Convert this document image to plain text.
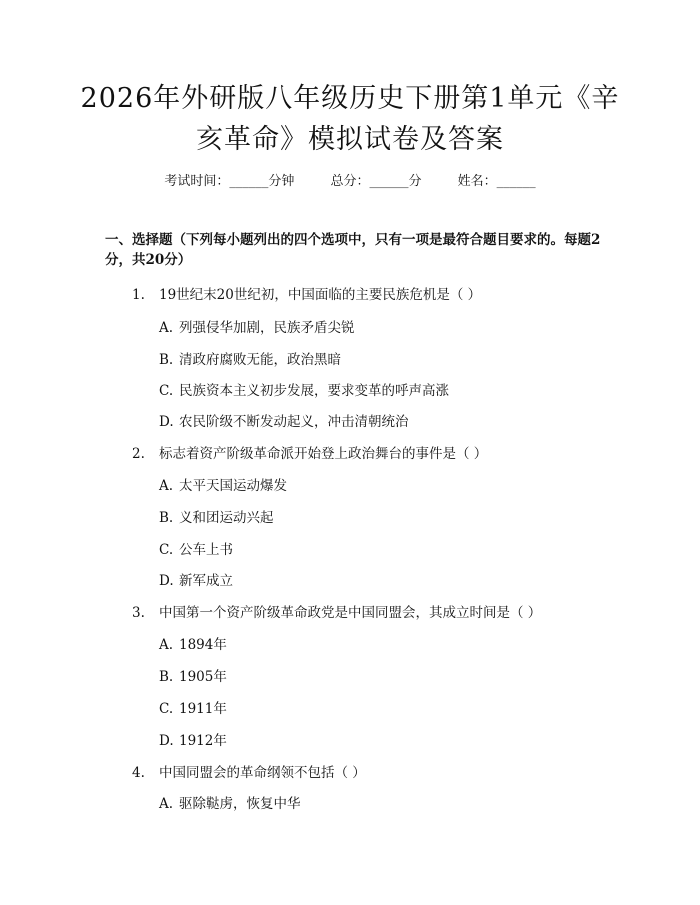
2026年外研版八年级历史下册第1单元《辛亥革命》模拟试卷及答案
考试时间：______分钟	总分：______分	姓名：______
一、选择题（下列每小题列出的四个选项中，只有一项是最符合题目要求的。每题2分，共20分）
1. 19世纪末20世纪初，中国面临的主要民族危机是（ ）
A. 列强侵华加剧，民族矛盾尖锐
B. 清政府腐败无能，政治黑暗
C. 民族资本主义初步发展，要求变革的呼声高涨
D. 农民阶级不断发动起义，冲击清朝统治
2. 标志着资产阶级革命派开始登上政治舞台的事件是（ ）
A. 太平天国运动爆发
B. 义和团运动兴起
C. 公车上书
D. 新军成立
3. 中国第一个资产阶级革命政党是中国同盟会，其成立时间是（ ）
A. 1894年
B. 1905年
C. 1911年
D. 1912年
4. 中国同盟会的革命纲领不包括（ ）
A. 驱除鞑虏，恢复中华
